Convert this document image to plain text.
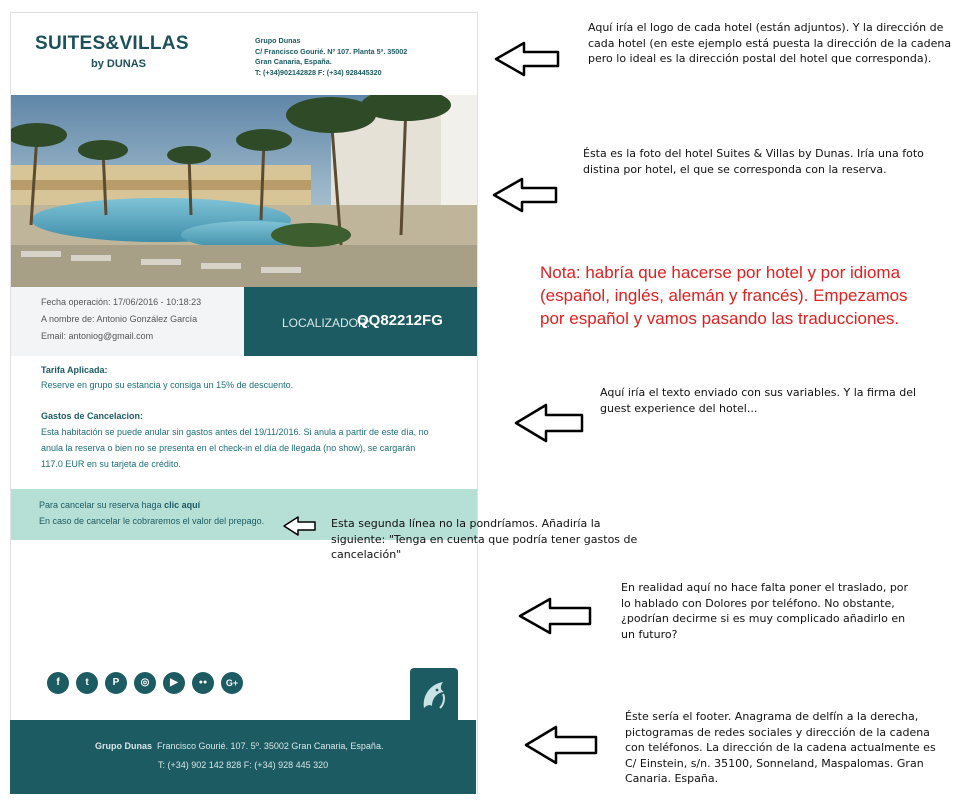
SUITES&VILLAS
by DUNAS
Grupo Dunas
C/ Francisco Gourié. Nº 107. Planta 5ª. 35002
Gran Canaria, España.
T: (+34)902142828 F: (+34) 928445320
Fecha operación: 17/06/2016 - 10:18:23
A nombre de: Antonio González García
Email: antoniog@gmail.com
LOCALIZADOR:
QQ82212FG
Tarifa Aplicada:
Reserve en grupo su estancia y consiga un 15% de descuento.
Gastos de Cancelacion:
Esta habitación se puede anular sin gastos antes del 19/11/2016. Si anula a partir de este día, no
anula la reserva o bien no se presenta en el check-in el día de llegada (no show), se cargarán
117.0 EUR en su tarjeta de crédito.
Para cancelar su reserva haga clic aquí
En caso de cancelar le cobraremos el valor del prepago.
f	t	P	◎	▶	●●	G+
Grupo Dunas Francisco Gourié. 107. 5º. 35002 Gran Canaria, España.
T: (+34) 902 142 828 F: (+34) 928 445 320
Aquí iría el logo de cada hotel (están adjuntos). Y la dirección de
cada hotel (en este ejemplo está puesta la dirección de la cadena
pero lo ideal es la dirección postal del hotel que corresponda).
Ésta es la foto del hotel Suites & Villas by Dunas. Iría una foto
distina por hotel, el que se corresponda con la reserva.
Nota: habría que hacerse por hotel y por idioma
(español, inglés, alemán y francés). Empezamos
por español y vamos pasando las traducciones.
Aquí iría el texto enviado con sus variables. Y la firma del
guest experience del hotel...
Esta segunda línea no la pondríamos. Añadiría la
siguiente: "Tenga en cuenta que podría tener gastos de
cancelación"
En realidad aquí no hace falta poner el traslado, por
lo hablado con Dolores por teléfono. No obstante,
¿podrían decirme si es muy complicado añadirlo en
un futuro?
Éste sería el footer. Anagrama de delfín a la derecha,
pictogramas de redes sociales y dirección de la cadena
con teléfonos. La dirección de la cadena actualmente es
C/ Einstein, s/n. 35100, Sonneland, Maspalomas. Gran
Canaria. España.
